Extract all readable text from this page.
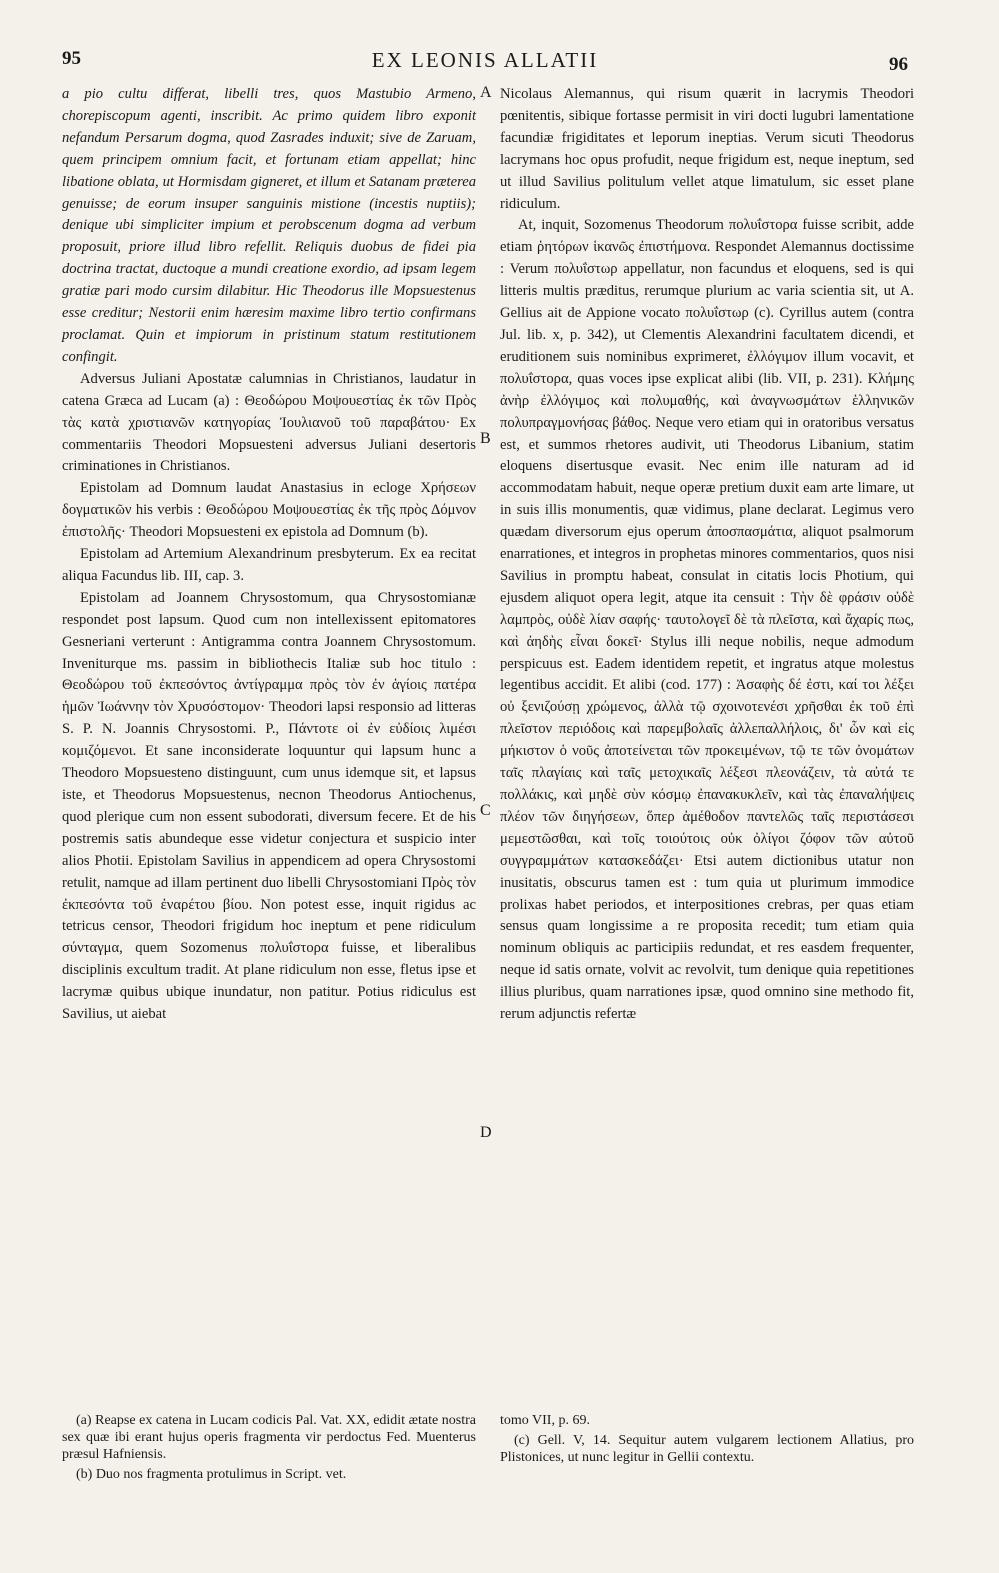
95	EX LEONIS ALLATII	96

a pio cultu differat, libelli tres, quos Mastubio Armeno, chorepiscopum agenti, inscribit. Ac primo quidem libro exponit nefandum Persarum dogma, quod Zasrades induxit; sive de Zaruam, quem principem omnium facit, et fortunam etiam appellat; hinc libatione oblata, ut Hormisdam gigneret, et illum et Satanam præterea genuisse; de eorum insuper sanguinis mistione (incestis nuptiis); denique ubi simpliciter impium et perobscenum dogma ad verbum proposuit, priore illud libro refellit. Reliquis duobus de fidei pia doctrina tractat, ductoque a mundi creatione exordio, ad ipsam legem gratiæ pari modo cursim dilabitur. Hic Theodorus ille Mopsuestenus esse creditur; Nestorii enim hæresim maxime libro tertio confirmans proclamat. Quin et impiorum in pristinum statum restitutionem confingit.

Adversus Juliani Apostatæ calumnias in Christianos, laudatur in catena Græca ad Lucam (a) : Θεοδώρου Μοψουεστίας ἐκ τῶν Πρὸς τὰς κατὰ χριστιανῶν κατηγορίας Ἰουλιανοῦ τοῦ παραβάτου· Ex commentariis Theodori Mopsuesteni adversus Juliani desertoris criminationes in Christianos.

Epistolam ad Domnum laudat Anastasius in ecloge Χρήσεων δογματικῶν his verbis : Θεοδώρου Μοψουεστίας ἐκ τῆς πρὸς Δόμνον ἐπιστολῆς· Theodori Mopsuesteni ex epistola ad Domnum (b).

Epistolam ad Artemium Alexandrinum presbyterum. Ex ea recitat aliqua Facundus lib. III, cap. 3.

Epistolam ad Joannem Chrysostomum, qua Chrysostomianæ respondet post lapsum. Quod cum non intellexissent epitomatores Gesneriani verterunt : Antigramma contra Joannem Chrysostomum. Inveniturque ms. passim in bibliothecis Italiæ sub hoc titulo : Θεοδώρου τοῦ ἐκπεσόντος ἀντίγραμμα πρὸς τὸν ἐν ἁγίοις πατέρα ἡμῶν Ἰωάννην τὸν Χρυσόστομον· Theodori lapsi responsio ad litteras S. P. N. Joannis Chrysostomi. P., Πάντοτε οἱ ἐν εὐδίοις λιμέσι κομιζόμενοι. Et sane inconsiderate loquuntur qui lapsum hunc a Theodoro Mopsuesteno distinguunt, cum unus idemque sit, et lapsus iste, et Theodorus Mopsuestenus, necnon Theodorus Antiochenus, quod plerique cum non essent subodorati, diversum fecere. Et de his postremis satis abundeque esse videtur conjectura et suspicio inter alios Photii. Epistolam Savilius in appendicem ad opera Chrysostomi retulit, namque ad illam pertinent duo libelli Chrysostomiani Πρὸς τὸν ἐκπεσόντα τοῦ ἐναρέτου βίου. Non potest esse, inquit rigidus ac tetricus censor, Theodori frigidum hoc ineptum et pene ridiculum σύνταγμα, quem Sozomenus πολυΐστορα fuisse, et liberalibus disciplinis excultum tradit. At plane ridiculum non esse, fletus ipse et lacrymæ quibus ubique inundatur, non patitur. Potius ridiculus est Savilius, ut aiebat

A
B
C
D

Nicolaus Alemannus, qui risum quærit in lacrymis Theodori pœnitentis, sibique fortasse permisit in viri docti lugubri lamentatione facundiæ frigiditates et leporum ineptias. Verum sicuti Theodorus lacrymans hoc opus profudit, neque frigidum est, neque ineptum, sed ut illud Savilius politulum vellet atque limatulum, sic esset plane ridiculum.

At, inquit, Sozomenus Theodorum πολυΐστορα fuisse scribit, adde etiam ῥητόρων ἱκανῶς ἐπιστήμονα. Respondet Alemannus doctissime : Verum πολυΐστωρ appellatur, non facundus et eloquens, sed is qui litteris multis præditus, rerumque plurium ac varia scientia sit, ut A. Gellius ait de Appione vocato πολυΐστωρ (c). Cyrillus autem (contra Jul. lib. x, p. 342), ut Clementis Alexandrini facultatem dicendi, et eruditionem suis nominibus exprimeret, ἐλλόγιμον illum vocavit, et πολυΐστορα, quas voces ipse explicat alibi (lib. VII, p. 231). Κλήμης ἀνὴρ ἐλλόγιμος καὶ πολυμαθής, καὶ ἀναγνωσμάτων ἑλληνικῶν πολυπραγμονήσας βάθος. Neque vero etiam qui in oratoribus versatus est, et summos rhetores audivit, uti Theodorus Libanium, statim eloquens disertusque evasit. Nec enim ille naturam ad id accommodatam habuit, neque operæ pretium duxit eam arte limare, ut in suis illis monumentis, quæ vidimus, plane declarat. Legimus vero quædam diversorum ejus operum ἀποσπασμάτια, aliquot psalmorum enarrationes, et integros in prophetas minores commentarios, quos nisi Savilius in promptu habeat, consulat in citatis locis Photium, qui ejusdem aliquot opera legit, atque ita censuit : Τὴν δὲ φράσιν οὐδὲ λαμπρὸς, οὐδὲ λίαν σαφής· ταυτολογεῖ δὲ τὰ πλεῖστα, καὶ ἄχαρίς πως, καὶ ἀηδὴς εἶναι δοκεῖ· Stylus illi neque nobilis, neque admodum perspicuus est. Eadem identidem repetit, et ingratus atque molestus legentibus accidit. Et alibi (cod. 177) : Ἀσαφὴς δέ ἐστι, καί τοι λέξει οὐ ξενιζούσῃ χρώμενος, ἀλλὰ τῷ σχοινοτενέσι χρῆσθαι ἐκ τοῦ ἐπὶ πλεῖστον περιόδοις καὶ παρεμβολαῖς ἀλλεπαλλήλοις, δι' ὧν καὶ εἰς μήκιστον ὁ νοῦς ἀποτείνεται τῶν προκειμένων, τῷ τε τῶν ὀνομάτων ταῖς πλαγίαις καὶ ταῖς μετοχικαῖς λέξεσι πλεονάζειν, τὰ αὐτά τε πολλάκις, καὶ μηδὲ σὺν κόσμῳ ἐπανακυκλεῖν, καὶ τὰς ἐπαναλήψεις πλέον τῶν διηγήσεων, ὅπερ ἀμέθοδον παντελῶς ταῖς περιστάσεσι μεμεστῶσθαι, καὶ τοῖς τοιούτοις οὐκ ὀλίγοι ζόφον τῶν αὐτοῦ συγγραμμάτων κατασκεδάζει· Etsi autem dictionibus utatur non inusitatis, obscurus tamen est : tum quia ut plurimum immodice prolixas habet periodos, et interpositiones crebras, per quas etiam sensus quam longissime a re proposita recedit; tum etiam quia nominum obliquis ac participiis redundat, et res easdem frequenter, neque id satis ornate, volvit ac revolvit, tum denique quia repetitiones illius pluribus, quam narrationes ipsæ, quod omnino sine methodo fit, rerum adjunctis refertæ

(a) Reapse ex catena in Lucam codicis Pal. Vat. XX, edidit ætate nostra sex quæ ibi erant hujus operis fragmenta vir perdoctus Fed. Muenterus præsul Hafniensis.

(b) Duo nos fragmenta protulimus in Script. vet.

tomo VII, p. 69.

(c) Gell. V, 14. Sequitur autem vulgarem lectionem Allatius, pro Plistonices, ut nunc legitur in Gellii contextu.
